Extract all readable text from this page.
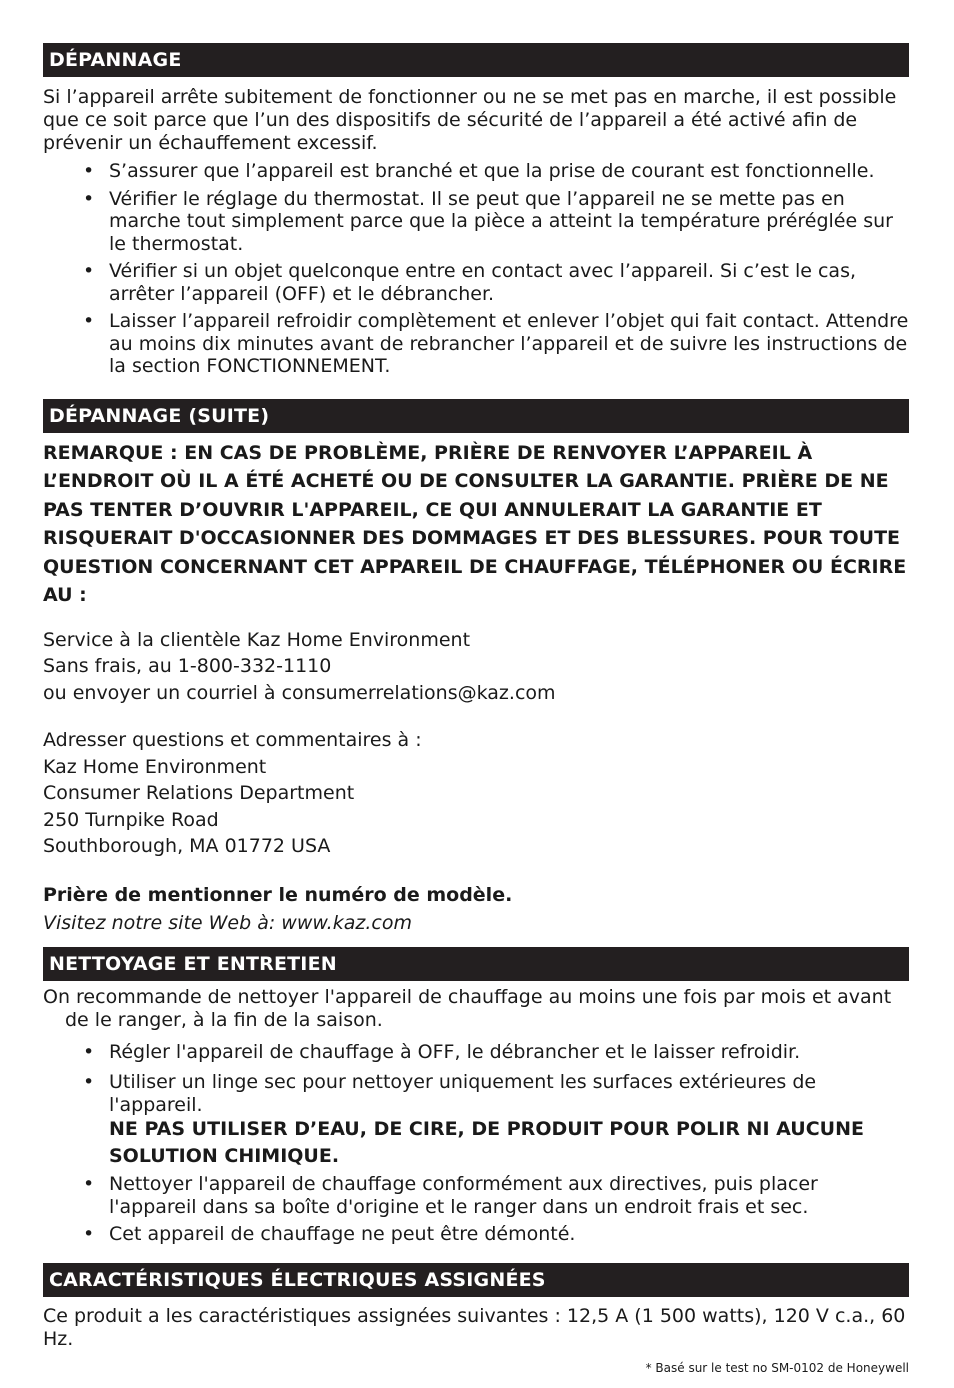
DÉPANNAGE

Si l’appareil arrête subitement de fonctionner ou ne se met pas en marche, il est possible que ce soit parce que l’un des dispositifs de sécurité de l’appareil a été activé afin de prévenir un échauffement excessif.

• S’assurer que l’appareil est branché et que la prise de courant est fonctionnelle.
• Vérifier le réglage du thermostat. Il se peut que l’appareil ne se mette pas en marche tout simplement parce que la pièce a atteint la température préréglée sur le thermostat.
• Vérifier si un objet quelconque entre en contact avec l’appareil. Si c’est le cas, arrêter l’appareil (OFF) et le débrancher.
• Laisser l’appareil refroidir complètement et enlever l’objet qui fait contact. Attendre au moins dix minutes avant de rebrancher l’appareil et de suivre les instructions de la section FONCTIONNEMENT.
DÉPANNAGE (SUITE)

REMARQUE : EN CAS DE PROBLÈME, PRIÈRE DE RENVOYER L’APPAREIL À L’ENDROIT OÙ IL A ÉTÉ ACHETÉ OU DE CONSULTER LA GARANTIE. PRIÈRE DE NE PAS TENTER D’OUVRIR L'APPAREIL, CE QUI ANNULERAIT LA GARANTIE ET RISQUERAIT D'OCCASIONNER DES DOMMAGES ET DES BLESSURES. POUR TOUTE QUESTION CONCERNANT CET APPAREIL DE CHAUFFAGE, TÉLÉPHONER OU ÉCRIRE AU :

Service à la clientèle Kaz Home Environment
Sans frais, au 1-800-332-1110
ou envoyer un courriel à consumerrelations@kaz.com
Adresser questions et commentaires à :
Kaz Home Environment
Consumer Relations Department
250 Turnpike Road
Southborough, MA 01772 USA
Prière de mentionner le numéro de modèle.
Visitez notre site Web à: www.kaz.com
NETTOYAGE ET ENTRETIEN

On recommande de nettoyer l'appareil de chauffage au moins une fois par mois et avant de le ranger, à la fin de la saison.

• Régler l'appareil de chauffage à OFF, le débrancher et le laisser refroidir.
• Utiliser un linge sec pour nettoyer uniquement les surfaces extérieures de l'appareil.
NE PAS UTILISER D’EAU, DE CIRE, DE PRODUIT POUR POLIR NI AUCUNE SOLUTION CHIMIQUE.
• Nettoyer l'appareil de chauffage conformément aux directives, puis placer l'appareil dans sa boîte d'origine et le ranger dans un endroit frais et sec.
• Cet appareil de chauffage ne peut être démonté.
CARACTÉRISTIQUES ÉLECTRIQUES ASSIGNÉES

Ce produit a les caractéristiques assignées suivantes : 12,5 A (1 500 watts), 120 V c.a., 60 Hz.

* Basé sur le test no SM-0102 de Honeywell
